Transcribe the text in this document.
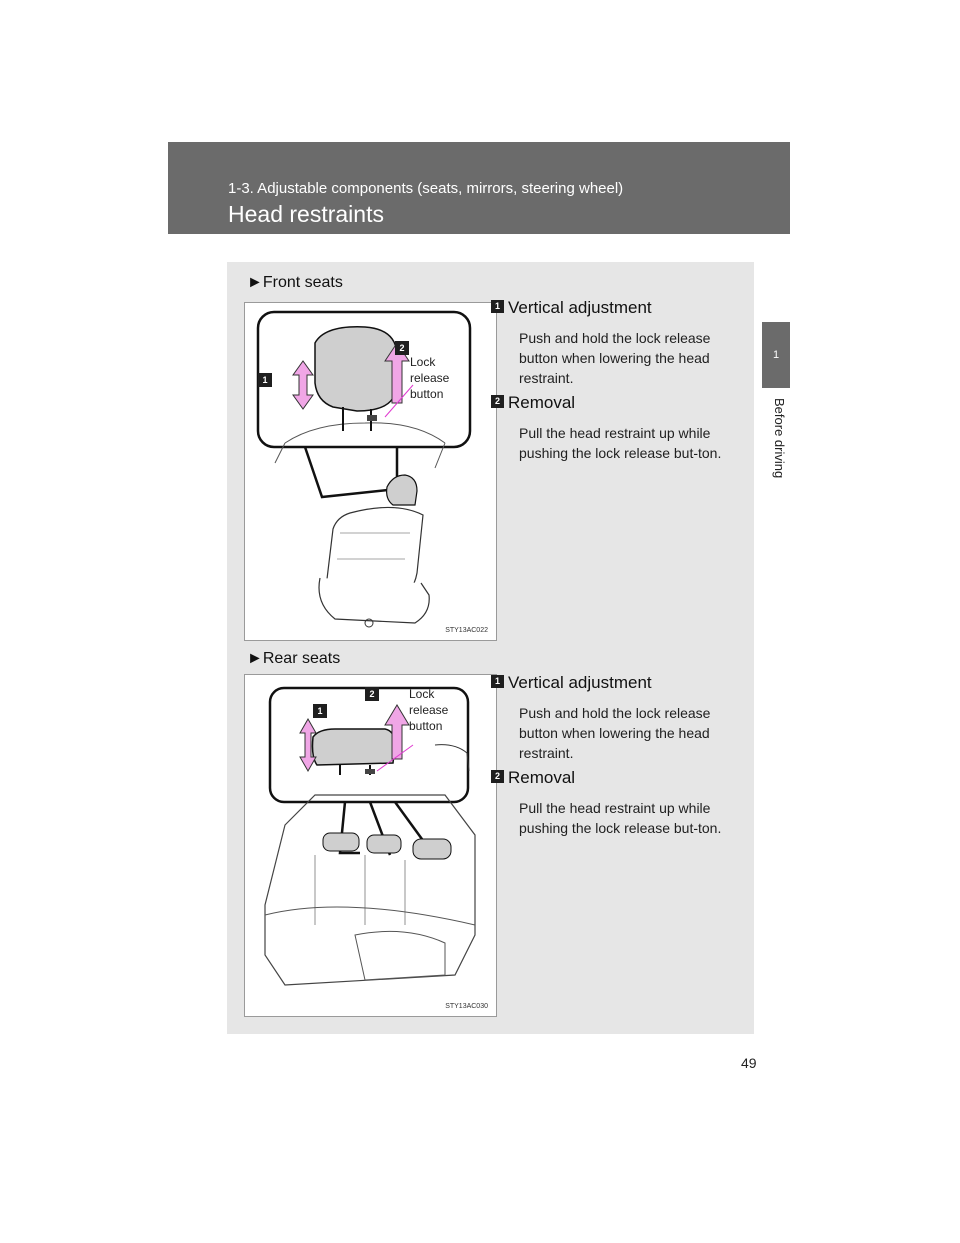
1-3. Adjustable components (seats, mirrors, steering wheel)
Head restraints
1
Before driving
►Front seats
1
2
Lock
release
button
STY13AC022
1 Vertical adjustment
Push and hold the lock release button when lowering the head restraint.
2 Removal
Pull the head restraint up while pushing the lock release but-ton.
►Rear seats
1
2	Lock
release
button
STY13AC030
1 Vertical adjustment
Push and hold the lock release button when lowering the head restraint.
2 Removal
Pull the head restraint up while pushing the lock release but-ton.
49
